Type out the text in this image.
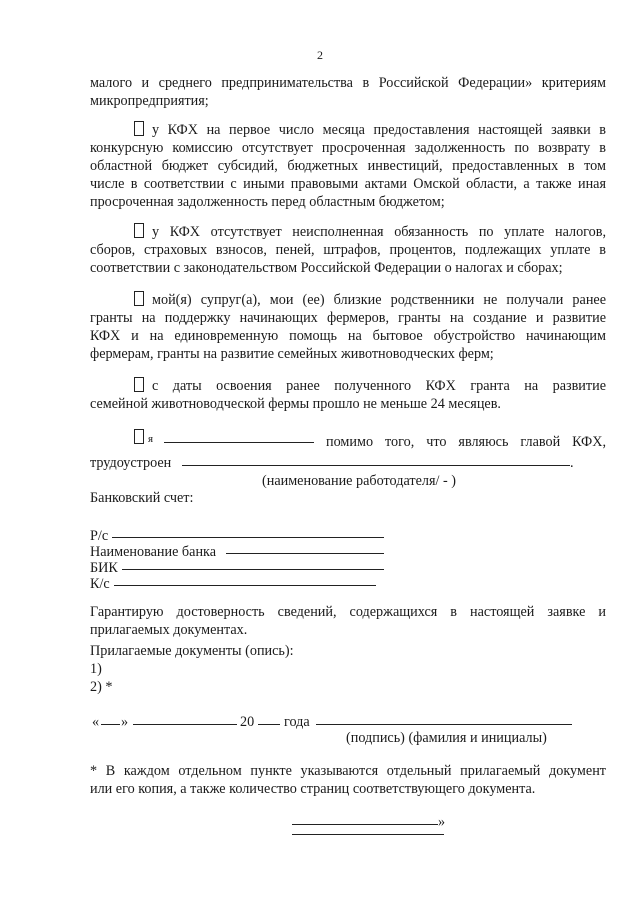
2
малого и среднего предпринимательства в Российской Федерации» критериям
микропредприятия;
у КФХ на первое число месяца предоставления настоящей заявки в
конкурсную комиссию отсутствует просроченная задолженность по возврату в
областной бюджет субсидий, бюджетных инвестиций, предоставленных в том
числе в соответствии с иными правовыми актами Омской области, а также иная
просроченная задолженность перед областным бюджетом;
у КФХ отсутствует неисполненная обязанность по уплате налогов,
сборов, страховых взносов, пеней, штрафов, процентов, подлежащих уплате в
соответствии с законодательством Российской Федерации о налогах и сборах;
мой(я) супруг(а), мои (ее) близкие родственники не получали ранее
гранты на поддержку начинающих фермеров, гранты на создание и развитие
КФХ и на единовременную помощь на бытовое обустройство начинающим
фермерам, гранты на развитие семейных животноводческих ферм;
с даты освоения ранее полученного КФХ гранта на развитие
семейной животноводческой фермы прошло не меньше 24 месяцев.
я	помимо того, что являюсь главой КФХ,
трудоустроен	.
(наименование работодателя/ - )
Банковский счет:
Р/с
Наименование банка
БИК
К/с
Гарантирую достоверность сведений, содержащихся в настоящей заявке и
прилагаемых документах.
Прилагаемые документы (опись):
1)
2) *
« »	20 года
(подпись) (фамилия и инициалы)
* В каждом отдельном пункте указываются отдельный прилагаемый документ
или его копия, а также количество страниц соответствующего документа.
»
